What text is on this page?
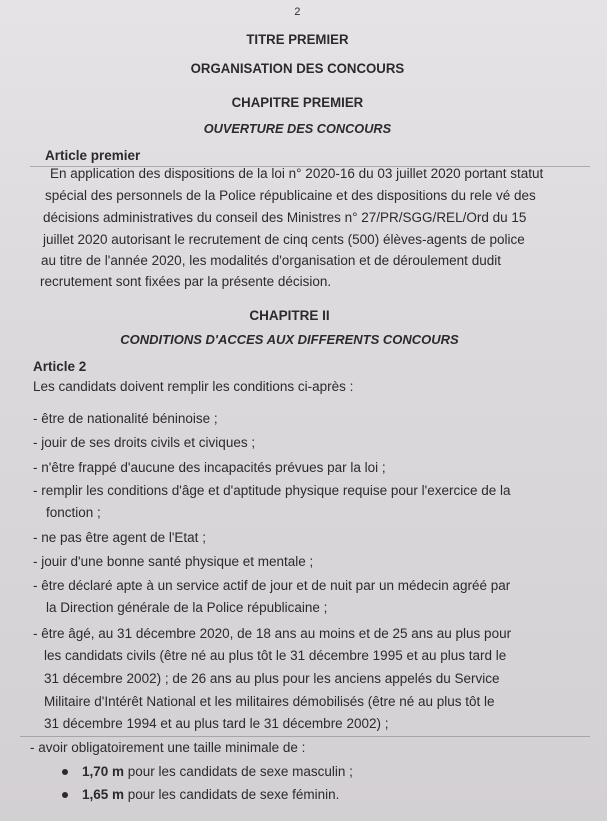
2
TITRE PREMIER
ORGANISATION DES CONCOURS
CHAPITRE PREMIER
OUVERTURE DES CONCOURS
Article premier
En application des dispositions de la loi n° 2020-16 du 03 juillet 2020 portant statut
spécial des personnels de la Police républicaine et des dispositions du rele vé des
décisions administratives du conseil des Ministres n° 27/PR/SGG/REL/Ord du 15
juillet 2020 autorisant le recrutement de cinq cents (500) élèves-agents de police
au titre de l'année 2020, les modalités d'organisation et de déroulement dudit
recrutement sont fixées par la présente décision.
CHAPITRE II
CONDITIONS D'ACCES AUX DIFFERENTS CONCOURS
Article 2
Les candidats doivent remplir les conditions ci-après :
- être de nationalité béninoise ;
- jouir de ses droits civils et civiques ;
- n'être frappé d'aucune des incapacités prévues par la loi ;
- remplir les conditions d'âge et d'aptitude physique requise pour l'exercice de la
fonction ;
- ne pas être agent de l'Etat ;
- jouir d'une bonne santé physique et mentale ;
- être déclaré apte à un service actif de jour et de nuit par un médecin agréé par
la Direction générale de la Police républicaine ;
- être âgé, au 31 décembre 2020, de 18 ans au moins et de 25 ans au plus pour
les candidats civils (être né au plus tôt le 31 décembre 1995 et au plus tard le
31 décembre 2002) ; de 26 ans au plus pour les anciens appelés du Service
Militaire d'Intérêt National et les militaires démobilisés (être né au plus tôt le
31 décembre 1994 et au plus tard le 31 décembre 2002) ;
- avoir obligatoirement une taille minimale de :
1,70 m pour les candidats de sexe masculin ;
1,65 m pour les candidats de sexe féminin.
